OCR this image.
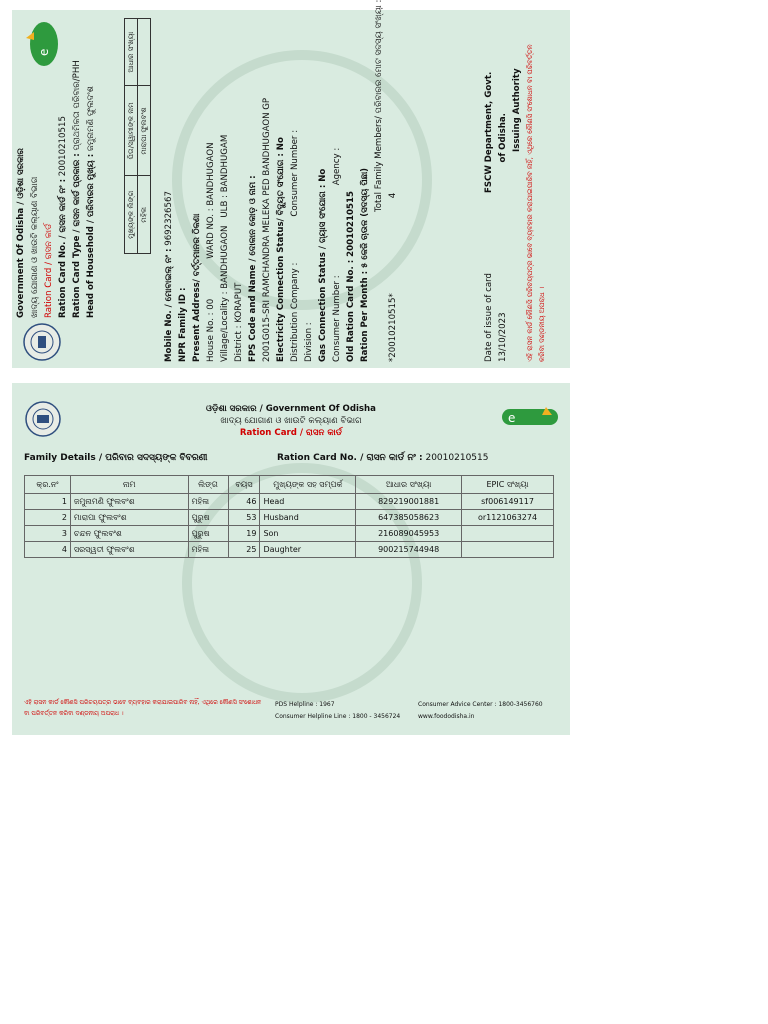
Government Of Odisha / ଓଡ଼ିଶା ସରକାର
ଖାଦ୍ୟ ଯୋଗାଣ ଓ ଖାଉଟି କଲ୍ୟାଣ ବିଭାଗ Ration Card / ରାସନ କାର୍ଡ Ration Card No. / ରାସନ କାର୍ଡ ନଂ : 20010210515
Ration Card Type / ରାସନ କାର୍ଡ ପ୍ରକାର : ପ୍ରାଥମିକତା ପରିବାର/PHH
Head of Household / ପରିବାରର ମୁଖ୍ୟ : ଜମୁନାମଣି ଫୁଲଦଂଶ
e
ମୁଖ୍ୟଙ୍କ ଲିଙ୍ଗ	ପିତା/ସ୍ୱାମୀଙ୍କ ନାମ	ଆଧାର ସଂଖ୍ୟା
ମହିଳା	ମାରାପା ଫୁଲବଂଶ	
Mobile No. / ମୋବାଇଲ୍ ନଂ : 9692326567
NPR Family ID : Present Address/ ବର୍ତ୍ତମାନର ଠିକଣା House No. : 00WARD NO. : BANDHUGAON
Village/Locality : BANDHUGAONULB : BANDHUGAM
District : KORAPUT FPS Code and Name / ଦୋକାନ କୋଡ଼ ଓ ନାମ : 2001G015-SRI RAMCHANDRA MELEKA PED BANDHUGAON GP Electricity Connection Status/ ବିଦ୍ୟୁତ ସଂଯୋଗ : No Distribution Company :Consumer Number :
Division : Gas Connection Status / ଗ୍ୟାସ ସଂଯୋଗ : No Consumer Number :Agency :
Old Ration Card No. : 20010210515 Ration Per Month : ୫ କେଜି ଚାଉଳ (ସଦସ୍ୟ ପିଛା)
Total Family Members/ ପରିବାରର ମୋଟ ସଦସ୍ୟ ସଂଖ୍ୟା :
*20010210515*4
Date of issue of cardFSCW Department, Govt.
13/10/2023of Odisha. Issuing Authority ଏହି ରାସନ କାର୍ଡ କୌଣସି ପରିଚୟପତ୍ର ଭାବେ ବ୍ୟବହାର କରାଯାଇପାରିବ ନାହିଁ, ଏଥିରେ କୌଣସି ସଂଶୋଧନ ବା ପରିବର୍ତ୍ତନ କରିବା ଦଣ୍ଡନୀୟ ଅପରାଧ ।
ଓଡ଼ିଶା ସରକାର / Government Of Odisha
ଖାଦ୍ୟ ଯୋଗାଣ ଓ ଖାଉଟି କଲ୍ୟାଣ ବିଭାଗ
Ration Card / ରାସନ କାର୍ଡ
e
Family Details / ପରିବାର ସଦସ୍ୟଙ୍କ ବିବରଣୀ	Ration Card No. / ରାସନ କାର୍ଡ ନଂ : 20010210515
କ୍ର.ନଂ	ନାମ	ଲିଙ୍ଗ	ବୟସ	ମୁଖ୍ୟଙ୍କ ସହ ସମ୍ପର୍କ	ଆଧାର ସଂଖ୍ୟା	EPIC ସଂଖ୍ୟା
1	ଜମୁନାମଣି ଫୁଲବଂଶ	ମହିଳା	46	Head	829219001881	sf006149117
2	ମାରାପା ଫୁଲବଂଶ	ପୁରୁଷ	53	Husband	647385058623	or1121063274
3	ଚନ୍ଦନ ଫୁଲବଂଶ	ପୁରୁଷ	19	Son	216089045953	
4	ସରସ୍ୱତୀ ଫୁଲବଂଶ	ମହିଳା	25	Daughter	900215744948	
ଏହି ରାସନ କାର୍ଡ କୌଣସି ପରିଚୟପତ୍ର ଭାବେ ବ୍ୟବହାର କରାଯାଇପାରିବ ନାହିଁ, ଏଥିରେ କୌଣସି ସଂଶୋଧନ ବା ପରିବର୍ତ୍ତନ କରିବା ଦଣ୍ଡନୀୟ ଅପରାଧ ।
PDS Helpline : 1967
Consumer Helpline Line : 1800 - 3456724
Consumer Advice Center : 1800-3456760
www.foododisha.in
